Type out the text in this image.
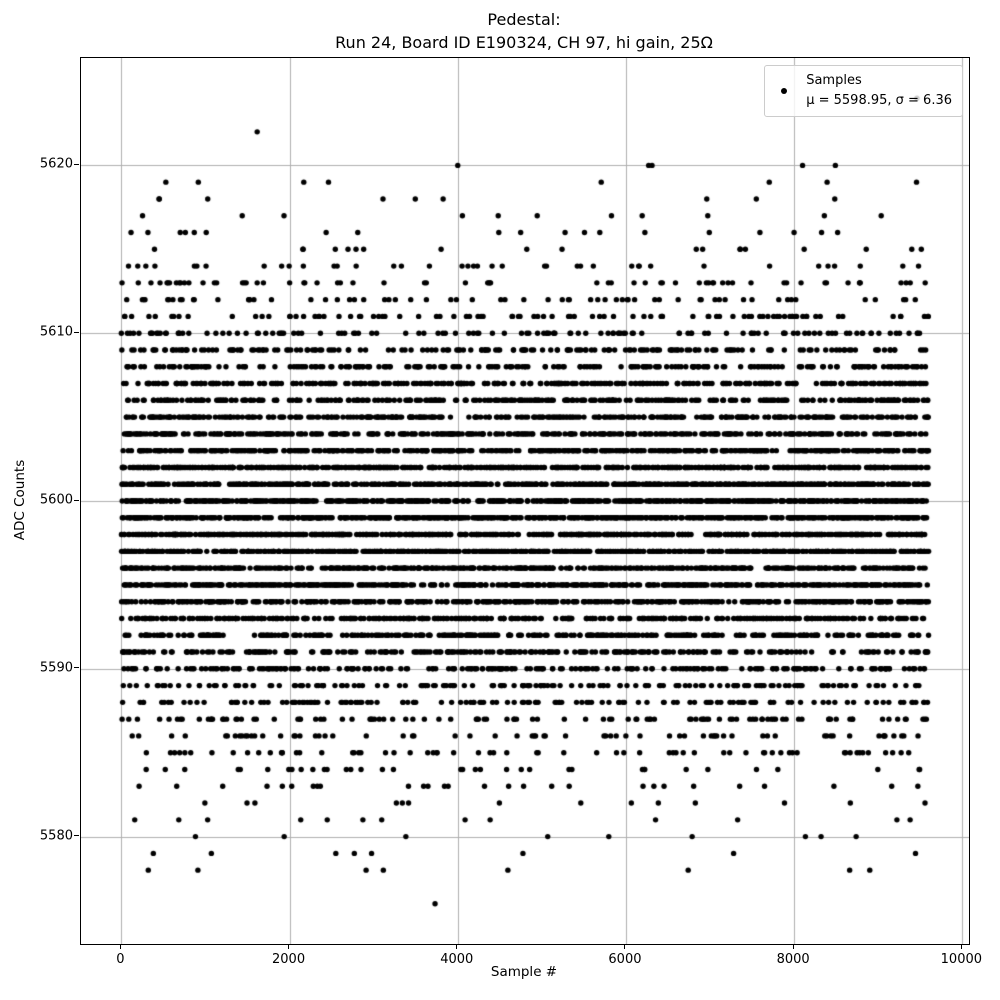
Pedestal:
Run 24, Board ID E190324, CH 97, hi gain, 25Ω
ADC Counts
Samples
μ = 5598.95, σ = 6.36
Sample #
0	2000	4000	6000	8000	10000
5580
5590
5600
5610
5620
